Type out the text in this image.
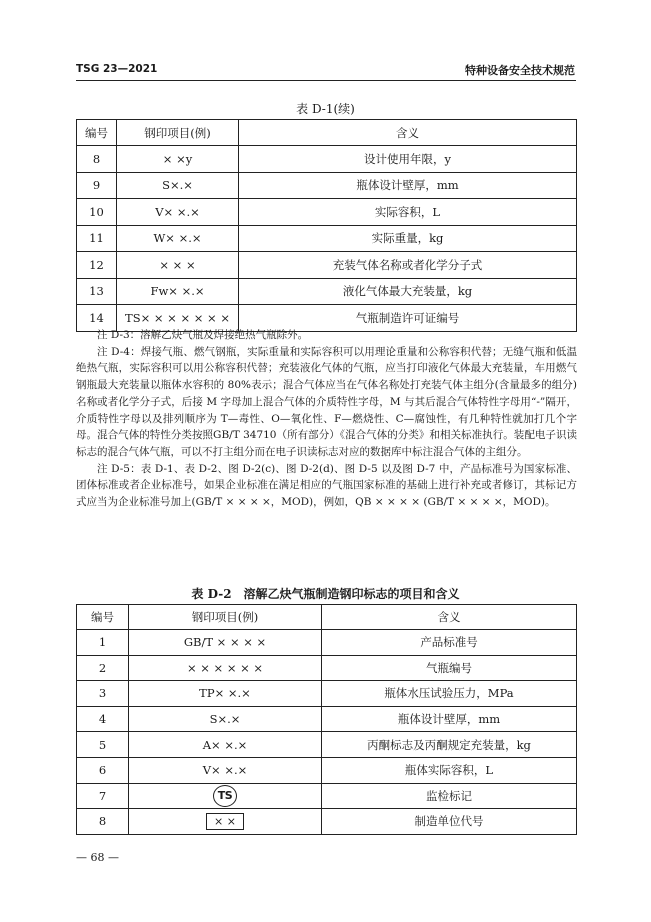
TSG 23—2021	特种设备安全技术规范
表 D-1(续)
编号	钢印项目(例)	含义
8	× ×y	设计使用年限，y
9	S×.×	瓶体设计壁厚，mm
10	V× ×.×	实际容积，L
11	W× ×.×	实际重量，kg
12	× × ×	充装气体名称或者化学分子式
13	Fw× ×.×	液化气体最大充装量，kg
14	TS× × × × × × ×	气瓶制造许可证编号

注 D-3：溶解乙炔气瓶及焊接绝热气瓶除外。

注 D-4：焊接气瓶、燃气钢瓶，实际重量和实际容积可以用理论重量和公称容积代替；无缝气瓶和低温绝热气瓶，实际容积可以用公称容积代替；充装液化气体的气瓶，应当打印液化气体最大充装量，车用燃气钢瓶最大充装量以瓶体水容积的 80%表示；混合气体应当在气体名称处打充装气体主组分(含量最多的组分)名称或者化学分子式，后接 M 字母加上混合气体的介质特性字母，M 与其后混合气体特性字母用“-”隔开，介质特性字母以及排列顺序为 T—毒性、O—氧化性、F—燃烧性、C—腐蚀性，有几种特性就加打几个字母。混合气体的特性分类按照GB/T 34710（所有部分）《混合气体的分类》和相关标准执行。装配电子识读标志的混合气体气瓶，可以不打主组分而在电子识读标志对应的数据库中标注混合气体的主组分。

注 D-5：表 D-1、表 D-2、图 D-2(c)、图 D-2(d)、图 D-5 以及图 D-7 中，产品标准号为国家标准、团体标准或者企业标准号，如果企业标准在满足相应的气瓶国家标准的基础上进行补充或者修订，其标记方式应当为企业标准号加上(GB/T × × × ×，MOD)，例如，QB × × × × (GB/T × × × ×，MOD)。

表 D-2　溶解乙炔气瓶制造钢印标志的项目和含义
编号	钢印项目(例)	含义
1	GB/T × × × ×	产品标准号
2	× × × × × ×	气瓶编号
3	TP× ×.×	瓶体水压试验压力，MPa
4	S×.×	瓶体设计壁厚，mm
5	A× ×.×	丙酮标志及丙酮规定充装量，kg
6	V× ×.×	瓶体实际容积，L
7	TS	监检标记
8	× ×	制造单位代号
— 68 —
